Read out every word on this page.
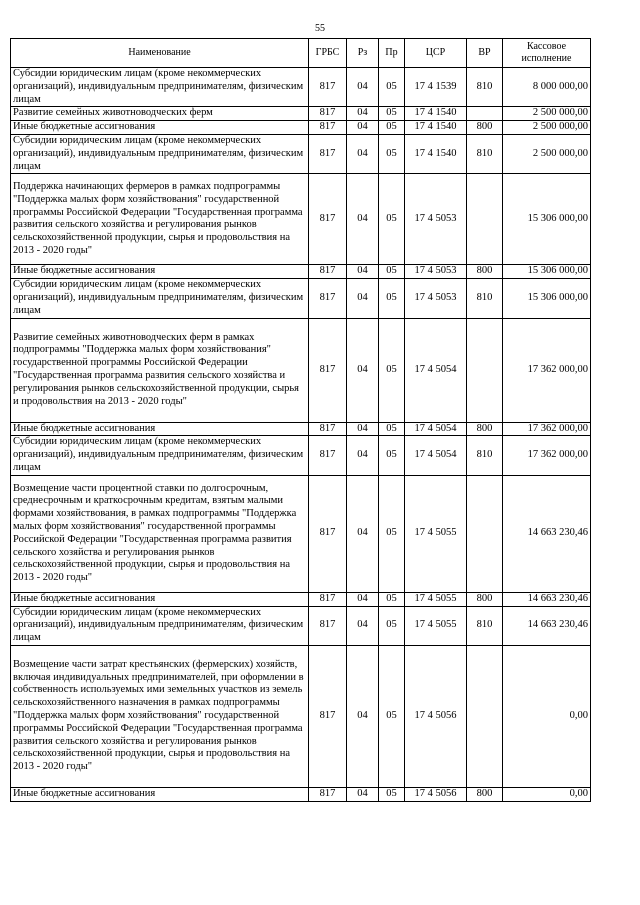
55
Наименование	ГРБС	Рз	Пр	ЦСР	ВР	Кассовое исполнение
Субсидии юридическим лицам (кроме некоммерческих организаций), индивидуальным предпринимателям, физическим лицам	817	04	05	17 4 1539	810	8 000 000,00
Развитие семейных животноводческих ферм	817	04	05	17 4 1540		2 500 000,00
Иные бюджетные ассигнования	817	04	05	17 4 1540	800	2 500 000,00
Субсидии юридическим лицам (кроме некоммерческих организаций), индивидуальным предпринимателям, физическим лицам	817	04	05	17 4 1540	810	2 500 000,00
Поддержка начинающих фермеров в рамках подпрограммы "Поддержка малых форм хозяйствования" государственной программы Российской Федерации "Государственная программа развития сельского хозяйства и регулирования рынков сельскохозяйственной продукции, сырья и продовольствия на 2013 - 2020 годы"	817	04	05	17 4 5053		15 306 000,00
Иные бюджетные ассигнования	817	04	05	17 4 5053	800	15 306 000,00
Субсидии юридическим лицам (кроме некоммерческих организаций), индивидуальным предпринимателям, физическим лицам	817	04	05	17 4 5053	810	15 306 000,00
Развитие семейных животноводческих ферм в рамках подпрограммы "Поддержка малых форм хозяйствования" государственной программы Российской Федерации "Государственная программа развития сельского хозяйства и регулирования рынков сельскохозяйственной продукции, сырья и продовольствия на 2013 - 2020 годы"	817	04	05	17 4 5054		17 362 000,00
Иные бюджетные ассигнования	817	04	05	17 4 5054	800	17 362 000,00
Субсидии юридическим лицам (кроме некоммерческих организаций), индивидуальным предпринимателям, физическим лицам	817	04	05	17 4 5054	810	17 362 000,00
Возмещение части процентной ставки по долгосрочным, среднесрочным и краткосрочным кредитам, взятым малыми формами хозяйствования, в рамках подпрограммы "Поддержка малых форм хозяйствования" государственной программы Российской Федерации "Государственная программа развития сельского хозяйства и регулирования рынков сельскохозяйственной продукции, сырья и продовольствия на 2013 - 2020 годы"	817	04	05	17 4 5055		14 663 230,46
Иные бюджетные ассигнования	817	04	05	17 4 5055	800	14 663 230,46
Субсидии юридическим лицам (кроме некоммерческих организаций), индивидуальным предпринимателям, физическим лицам	817	04	05	17 4 5055	810	14 663 230,46
Возмещение части затрат крестьянских (фермерских) хозяйств, включая индивидуальных предпринимателей, при оформлении в собственность используемых ими земельных участков из земель сельскохозяйственного назначения в рамках подпрограммы "Поддержка малых форм хозяйствования" государственной программы Российской Федерации "Государственная программа развития сельского хозяйства и регулирования рынков сельскохозяйственной продукции, сырья и продовольствия на 2013 - 2020 годы"	817	04	05	17 4 5056		0,00
Иные бюджетные ассигнования	817	04	05	17 4 5056	800	0,00
